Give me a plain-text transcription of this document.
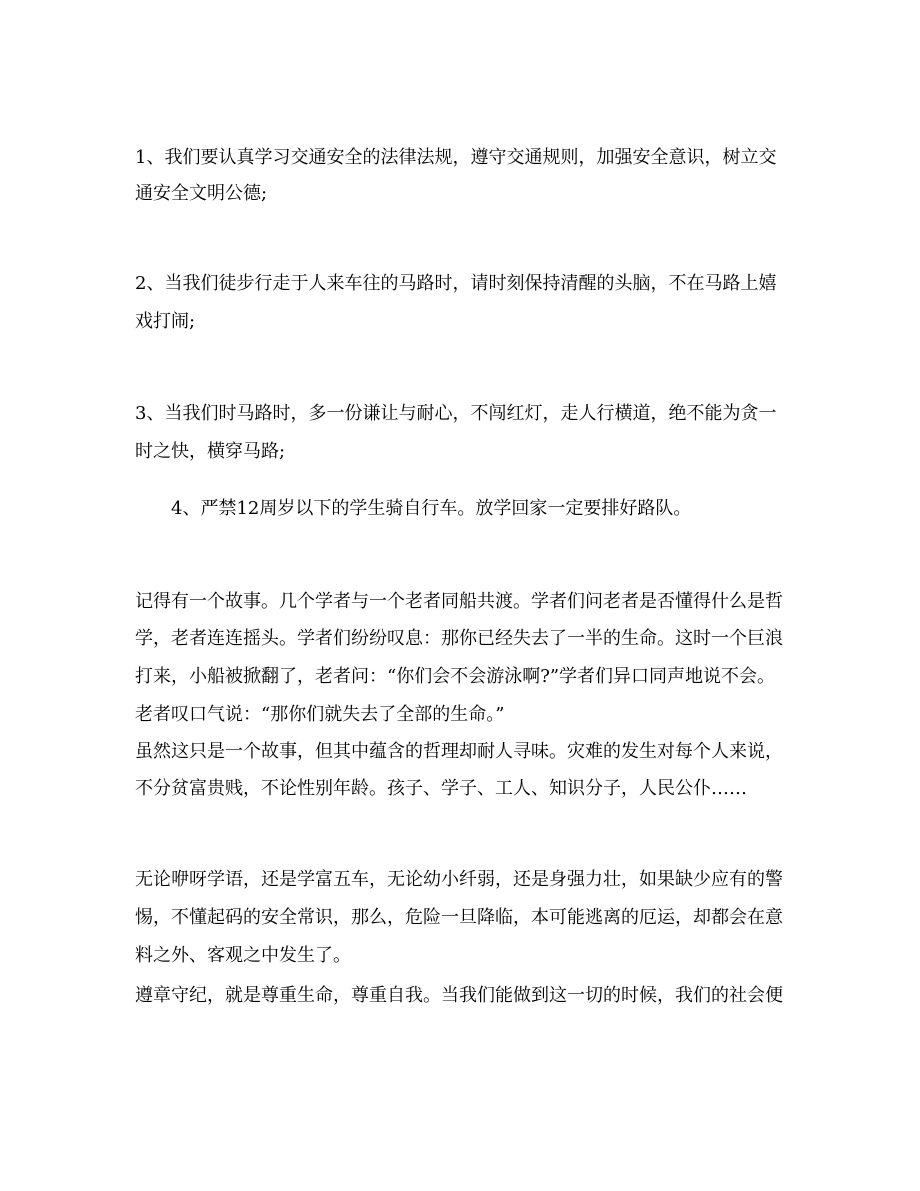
1、我们要认真学习交通安全的法律法规，遵守交通规则，加强安全意识，树立交
通安全文明公德;
2、当我们徒步行走于人来车往的马路时，请时刻保持清醒的头脑，不在马路上嬉
戏打闹;
3、当我们时马路时，多一份谦让与耐心，不闯红灯，走人行横道，绝不能为贪一
时之快，横穿马路;
4、严禁12周岁以下的学生骑自行车。放学回家一定要排好路队。
记得有一个故事。几个学者与一个老者同船共渡。学者们问老者是否懂得什么是哲
学，老者连连摇头。学者们纷纷叹息：那你已经失去了一半的生命。这时一个巨浪
打来，小船被掀翻了，老者问：“你们会不会游泳啊?”学者们异口同声地说不会。
老者叹口气说：“那你们就失去了全部的生命。”
虽然这只是一个故事，但其中蕴含的哲理却耐人寻味。灾难的发生对每个人来说，
不分贫富贵贱，不论性别年龄。孩子、学子、工人、知识分子，人民公仆……
无论咿呀学语，还是学富五车，无论幼小纤弱，还是身强力壮，如果缺少应有的警
惕，不懂起码的安全常识，那么，危险一旦降临，本可能逃离的厄运，却都会在意
料之外、客观之中发生了。
遵章守纪，就是尊重生命，尊重自我。当我们能做到这一切的时候，我们的社会便
